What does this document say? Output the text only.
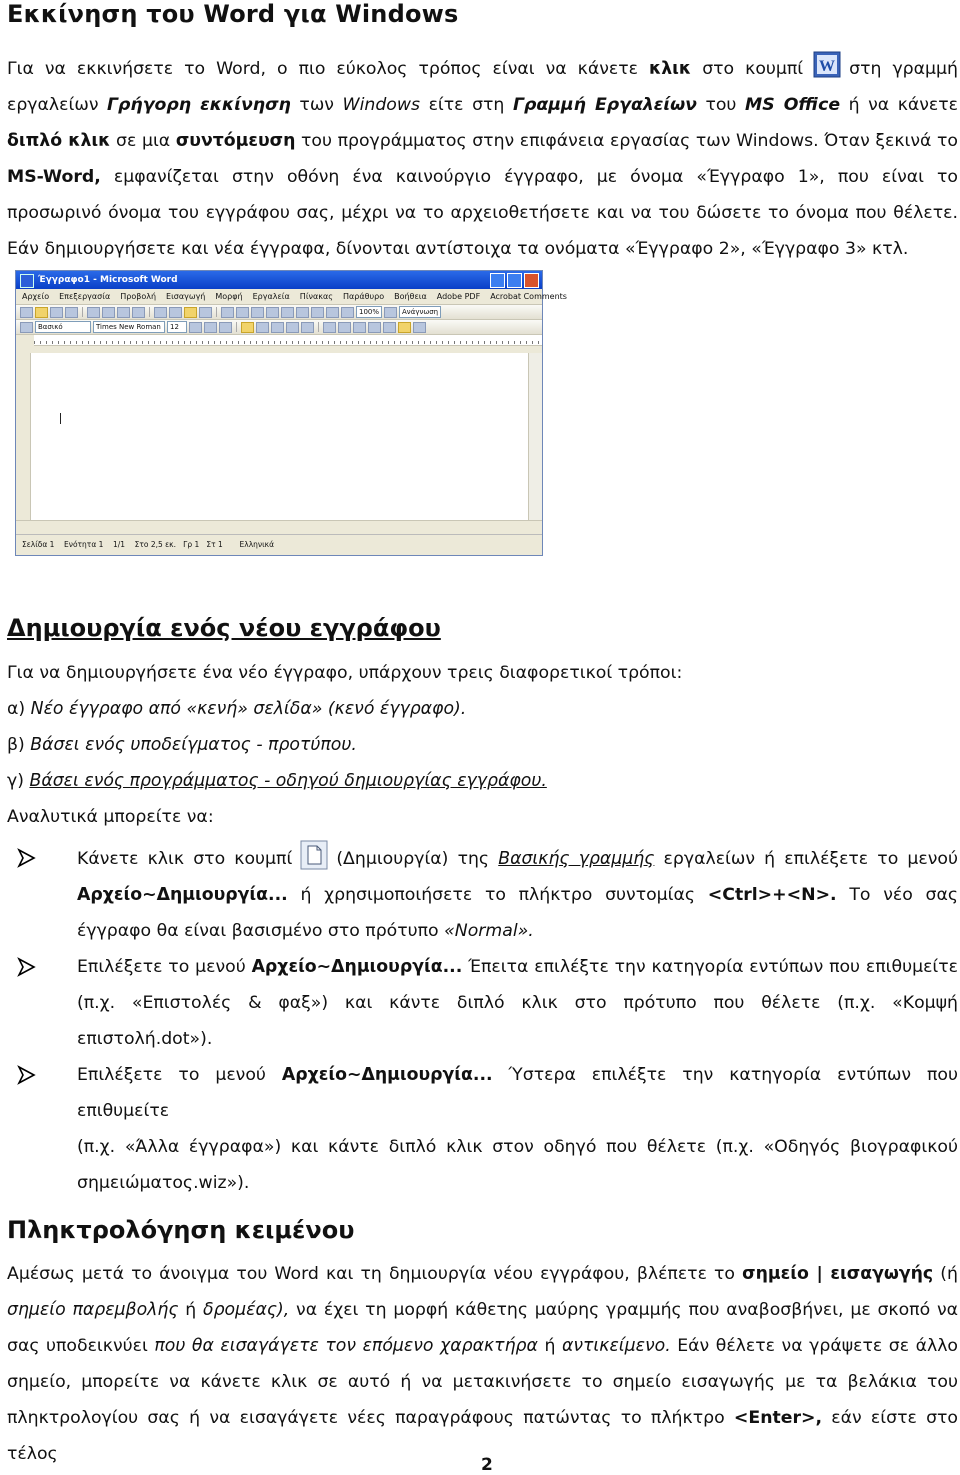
Εκκίνηση του Word για Windows

Για να εκκινήσετε το Word, ο πιο εύκολος τρόπος είναι να κάνετε κλικ στο κουμπί W στη γραμμή

εργαλείων Γρήγορη εκκίνηση των Windows είτε στη Γραμμή Εργαλείων του MS Office ή να κάνετε

διπλό κλικ σε μια συντόμευση του προγράμματος στην επιφάνεια εργασίας των Windows. Όταν ξεκινά το

MS-Word, εμφανίζεται στην οθόνη ένα καινούργιο έγγραφο, με όνομα «Έγγραφο 1», που είναι το

προσωρινό όνομα του εγγράφου σας, μέχρι να το αρχειοθετήσετε και να του δώσετε το όνομα που θέλετε.

Εάν δημιουργήσετε και νέα έγγραφα, δίνονται αντίστοιχα τα ονόματα «Έγγραφο 2», «Έγγραφο 3» κτλ.

Έγγραφο1 - Microsoft Word
Αρχείο Επεξεργασία Προβολή Εισαγωγή Μορφή Εργαλεία Πίνακας Παράθυρο Βοήθεια Adobe PDF Acrobat Comments
100%	Ανάγνωση
Βασικό	Times New Roman	12
Σελίδα 1 Ενότητα 1 1/1 Στο 2,5 εκ. Γρ 1 Στ 1 Ελληνικά
Δημιουργία ενός νέου εγγράφου

Για να δημιουργήσετε ένα νέο έγγραφο, υπάρχουν τρεις διαφορετικοί τρόποι:

α) Νέο έγγραφο από «κενή» σελίδα» (κενό έγγραφο).

β) Βάσει ενός υποδείγματος - προτύπου.

γ) Βάσει ενός προγράμματος - οδηγού δημιουργίας εγγράφου.

Αναλυτικά μπορείτε να:

Κάνετε κλικ στο κουμπί	(Δημιουργία) της Βασικής γραμμής εργαλείων ή επιλέξετε το μενού

Αρχείο~Δημιουργία... ή χρησιμοποιήσετε το πλήκτρο συντομίας <Ctrl>+<N>. Το νέο σας

έγγραφο θα είναι βασισμένο στο πρότυπο «Normal».

Επιλέξετε το μενού Αρχείο~Δημιουργία... Έπειτα επιλέξτε την κατηγορία εντύπων που επιθυμείτε

(π.χ. «Επιστολές & φαξ») και κάντε διπλό κλικ στο πρότυπο που θέλετε (π.χ. «Κομψή

επιστολή.dot»).

Επιλέξετε το μενού Αρχείο~Δημιουργία... Ύστερα επιλέξτε την κατηγορία εντύπων που επιθυμείτε

(π.χ. «Άλλα έγγραφα») και κάντε διπλό κλικ στον οδηγό που θέλετε (π.χ. «Οδηγός βιογραφικού

σημειώματος.wiz»).

Πληκτρολόγηση κειμένου

Αμέσως μετά το άνοιγμα του Word και τη δημιουργία νέου εγγράφου, βλέπετε το σημείο | εισαγωγής (ή

σημείο παρεμβολής ή δρομέας), να έχει τη μορφή κάθετης μαύρης γραμμής που αναβοσβήνει, με σκοπό να

σας υποδεικνύει που θα εισαγάγετε τον επόμενο χαρακτήρα ή αντικείμενο. Εάν θέλετε να γράψετε σε άλλο

σημείο, μπορείτε να κάνετε κλικ σε αυτό ή να μετακινήσετε το σημείο εισαγωγής με τα βελάκια του

πληκτρολογίου σας ή να εισαγάγετε νέες παραγράφους πατώντας το πλήκτρο <Enter>, εάν είστε στο τέλος

2
